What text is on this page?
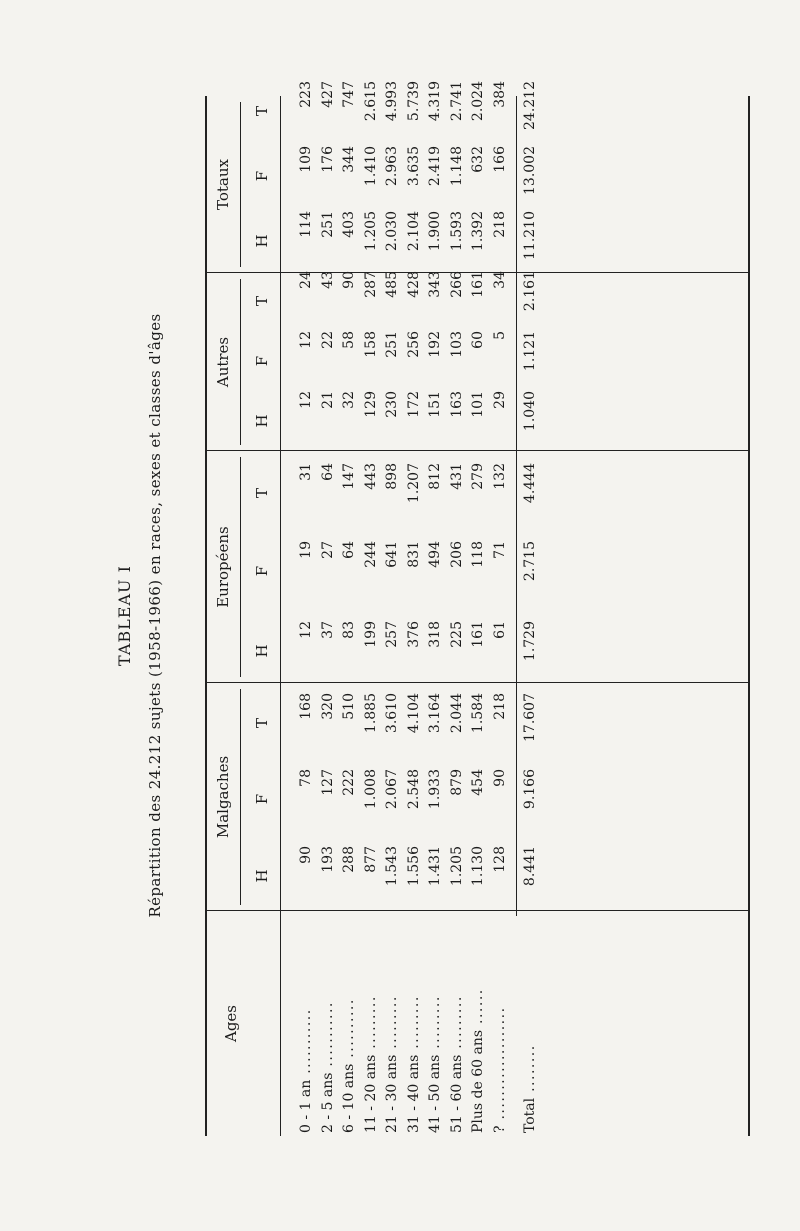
TABLEAU I Répartition des 24.212 sujets (1958-1966) en races, sexes et classes d'âges
Ages
Malgaches
H
F
T
Européens
H
F
T
Autres
H
F
T
Totaux
H
F
T
0 - 1 an ...........
90
78
168
12
19
31
12
12
24
114
109
223
2 - 5 ans ...........
193
127
320
37
27
64
21
22
43
251
176
427
6 - 10 ans ..........
288
222
510
83
64
147
32
58
90
403
344
747
11 - 20 ans .........
877
1.008
1.885
199
244
443
129
158
287
1.205
1.410
2.615
21 - 30 ans .........
1.543
2.067
3.610
257
641
898
230
251
485
2.030
2.963
4.993
31 - 40 ans .........
1.556
2.548
4.104
376
831
1.207
172
256
428
2.104
3.635
5.739
41 - 50 ans .........
1.431
1.933
3.164
318
494
812
151
192
343
1.900
2.419
4.319
51 - 60 ans .........
1.205
879
2.044
225
206
431
163
103
266
1.593
1.148
2.741
Plus de 60 ans ......
1.130
454
1.584
161
118
279
101
60
161
1.392
632
2.024
? ...................
128
90
218
61
71
132
29
5
34
218
166
384
Total ........
8.441
9.166
17.607
1.729
2.715
4.444
1.040
1.121
2.161
11.210
13.002
24.212
